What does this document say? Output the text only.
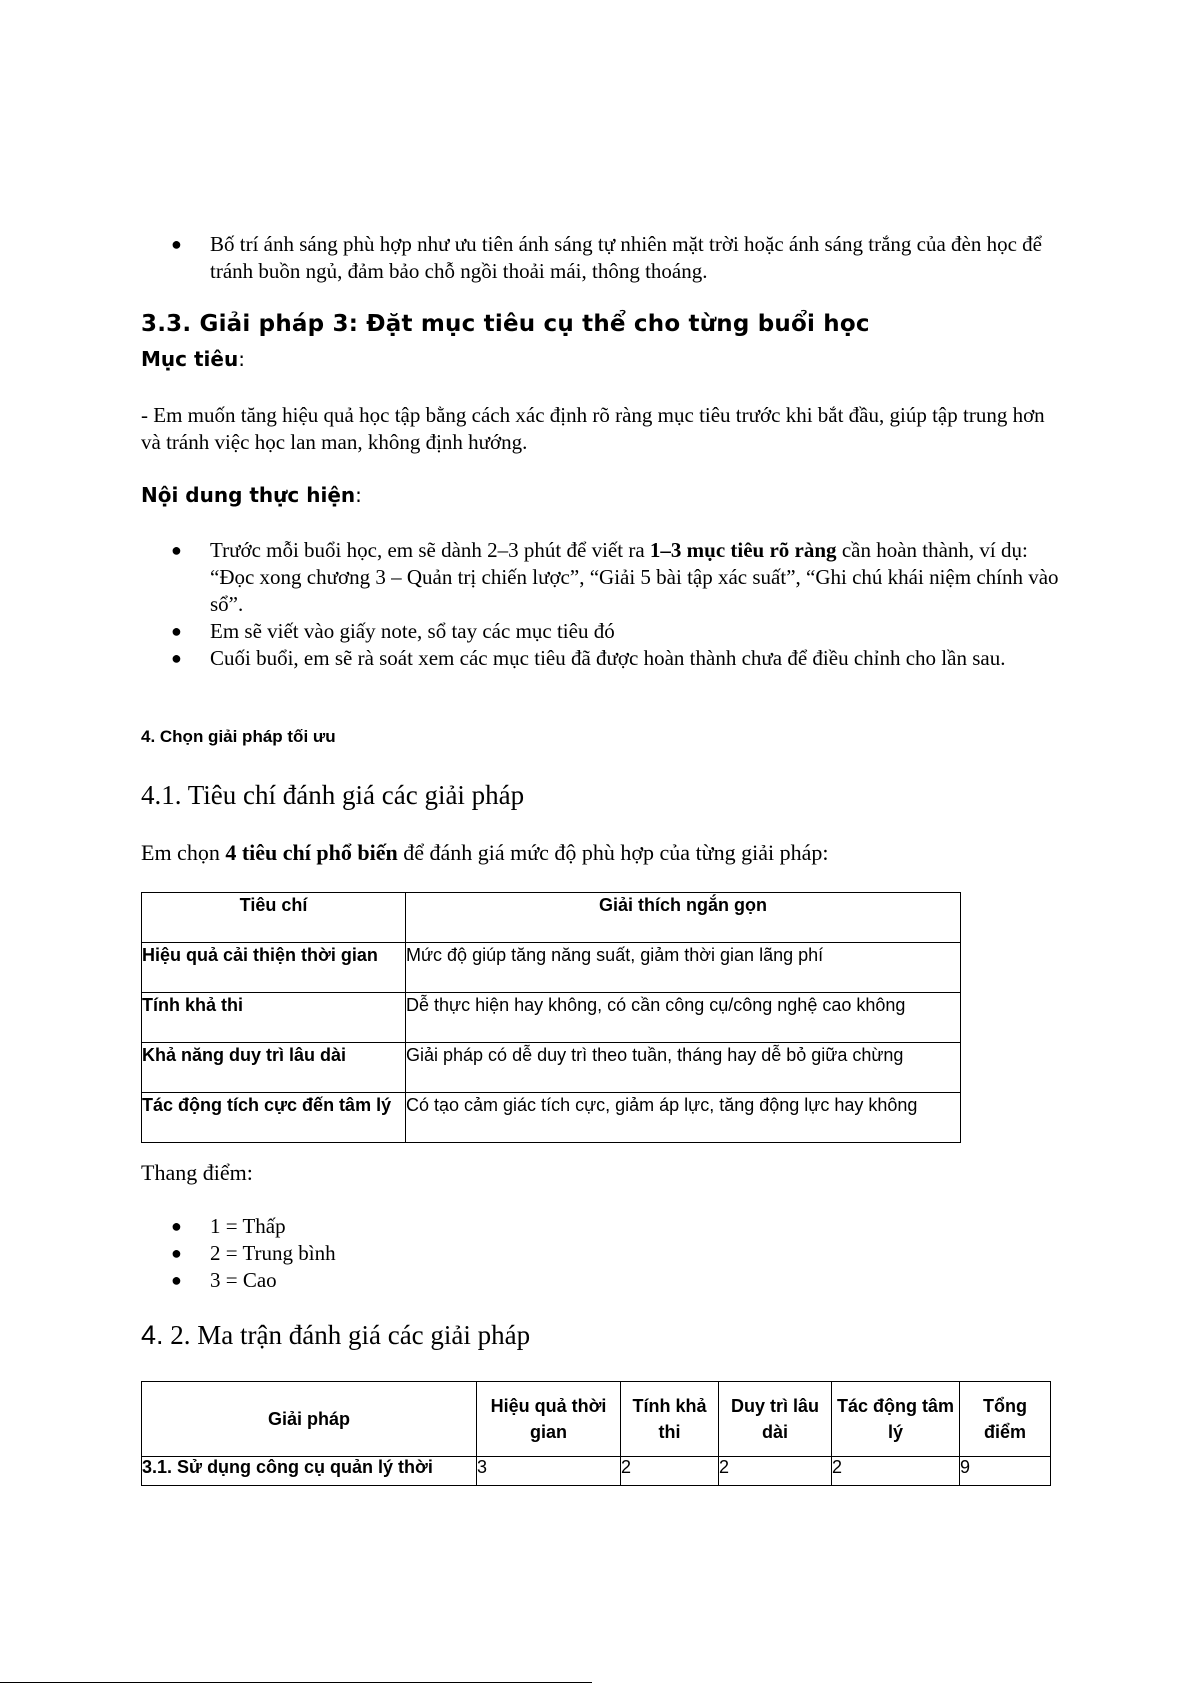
● Bố trí ánh sáng phù hợp như ưu tiên ánh sáng tự nhiên mặt trời hoặc ánh sáng trắng của đèn học để tránh buồn ngủ, đảm bảo chỗ ngồi thoải mái, thông thoáng.
3.3. Giải pháp 3: Đặt mục tiêu cụ thể cho từng buổi học
Mục tiêu:
- Em muốn tăng hiệu quả học tập bằng cách xác định rõ ràng mục tiêu trước khi bắt đầu, giúp tập trung hơn và tránh việc học lan man, không định hướng.
Nội dung thực hiện:
● Trước mỗi buổi học, em sẽ dành 2–3 phút để viết ra 1–3 mục tiêu rõ ràng cần hoàn thành, ví dụ: “Đọc xong chương 3 – Quản trị chiến lược”, “Giải 5 bài tập xác suất”, “Ghi chú khái niệm chính vào sổ”.
● Em sẽ viết vào giấy note, sổ tay các mục tiêu đó
● Cuối buổi, em sẽ rà soát xem các mục tiêu đã được hoàn thành chưa để điều chỉnh cho lần sau.
4. Chọn giải pháp tối ưu
4.1. Tiêu chí đánh giá các giải pháp
Em chọn 4 tiêu chí phổ biến để đánh giá mức độ phù hợp của từng giải pháp:
Tiêu chí	Giải thích ngắn gọn
Hiệu quả cải thiện thời gian	Mức độ giúp tăng năng suất, giảm thời gian lãng phí
Tính khả thi	Dễ thực hiện hay không, có cần công cụ/công nghệ cao không
Khả năng duy trì lâu dài	Giải pháp có dễ duy trì theo tuần, tháng hay dễ bỏ giữa chừng
Tác động tích cực đến tâm lý	Có tạo cảm giác tích cực, giảm áp lực, tăng động lực hay không
Thang điểm:
● 1 = Thấp
● 2 = Trung bình
● 3 = Cao
4. 2. Ma trận đánh giá các giải pháp
Giải pháp	Hiệu quả thời gian	Tính khả thi	Duy trì lâu dài	Tác động tâm lý	Tổng điểm
3.1. Sử dụng công cụ quản lý thời	3	2	2	2	9
